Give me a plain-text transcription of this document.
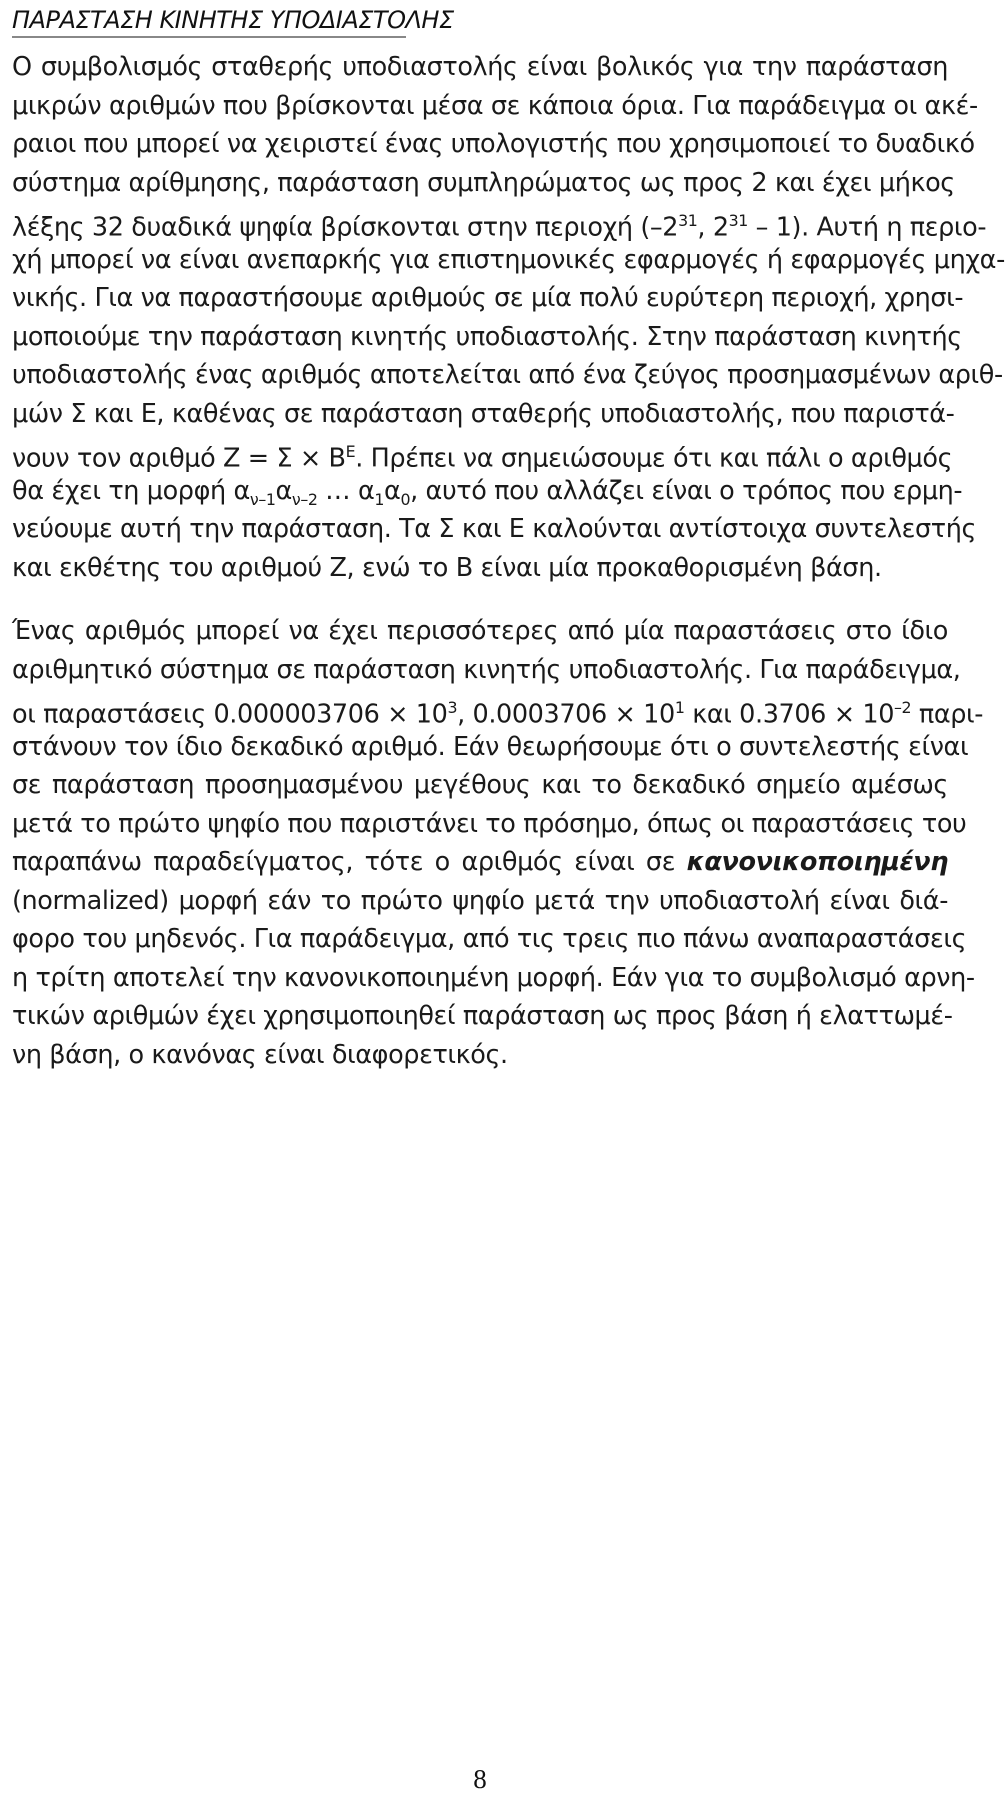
ΠΑΡΑΣΤΑΣΗ ΚΙΝΗΤΗΣ ΥΠΟΔΙΑΣΤΟΛΗΣ
Ο συμβολισμός σταθερής υποδιαστολής είναι βολικός για την παράσταση
μικρών αριθμών που βρίσκονται μέσα σε κάποια όρια. Για παράδειγμα οι ακέ-
ραιοι που μπορεί να χειριστεί ένας υπολογιστής που χρησιμοποιεί το δυαδικό
σύστημα αρίθμησης, παράσταση συμπληρώματος ως προς 2 και έχει μήκος
λέξης 32 δυαδικά ψηφία βρίσκονται στην περιοχή ($-2^{31}$, $2^{31} - 1$). Αυτή η περιο-
χή μπορεί να είναι ανεπαρκής για επιστημονικές εφαρμογές ή εφαρμογές μηχα-
νικής. Για να παραστήσουμε αριθμούς σε μία πολύ ευρύτερη περιοχή, χρησι-
μοποιούμε την παράσταση κινητής υποδιαστολής. Στην παράσταση κινητής
υποδιαστολής ένας αριθμός αποτελείται από ένα ζεύγος προσημασμένων αριθ-
μών Σ και Ε, καθένας σε παράσταση σταθερής υποδιαστολής, που παριστά-
νουν τον αριθμό $Z = \Sigma \times B^E$. Πρέπει να σημειώσουμε ότι και πάλι ο αριθμός
θα έχει τη μορφή $\alpha_{\nu-1}\alpha_{\nu-2}$ … $\alpha_1\alpha_0$, αυτό που αλλάζει είναι ο τρόπος που ερμη-
νεύουμε αυτή την παράσταση. Τα Σ και Ε καλούνται αντίστοιχα συντελεστής
και εκθέτης του αριθμού Ζ, ενώ το Β είναι μία προκαθορισμένη βάση.
Ένας αριθμός μπορεί να έχει περισσότερες από μία παραστάσεις στο ίδιο
αριθμητικό σύστημα σε παράσταση κινητής υποδιαστολής. Για παράδειγμα,
οι παραστάσεις $0.000003706 \times 10^3$, $0.0003706 \times 10^1$ και $0.3706 \times 10^{-2}$ παρι-
στάνουν τον ίδιο δεκαδικό αριθμό. Εάν θεωρήσουμε ότι ο συντελεστής είναι
σε παράσταση προσημασμένου μεγέθους και το δεκαδικό σημείο αμέσως
μετά το πρώτο ψηφίο που παριστάνει το πρόσημο, όπως οι παραστάσεις του
παραπάνω παραδείγματος, τότε ο αριθμός είναι σε κανονικοποιημένη
(normalized) μορφή εάν το πρώτο ψηφίο μετά την υποδιαστολή είναι διά-
φορο του μηδενός. Για παράδειγμα, από τις τρεις πιο πάνω αναπαραστάσεις
η τρίτη αποτελεί την κανονικοποιημένη μορφή. Εάν για το συμβολισμό αρνη-
τικών αριθμών έχει χρησιμοποιηθεί παράσταση ως προς βάση ή ελαττωμέ-
νη βάση, ο κανόνας είναι διαφορετικός.
8
